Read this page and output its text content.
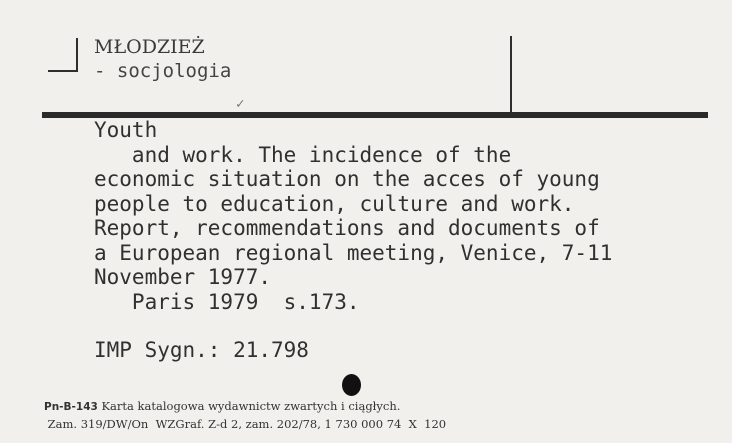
MŁODZIEŻ
- socjologia
✓
Youth
and work. The incidence of the
economic situation on the acces of young
people to education, culture and work.
Report, recommendations and documents of
a European regional meeting, Venice, 7-11
November 1977.
Paris 1979  s.173.
IMP Sygn.: 21.798
Pn-B-143 Karta katalogowa wydawnictw zwartych i ciągłych.
Zam. 319/DW/On  WZGraf. Z-d 2, zam. 202/78, 1 730 000 74  X  120
